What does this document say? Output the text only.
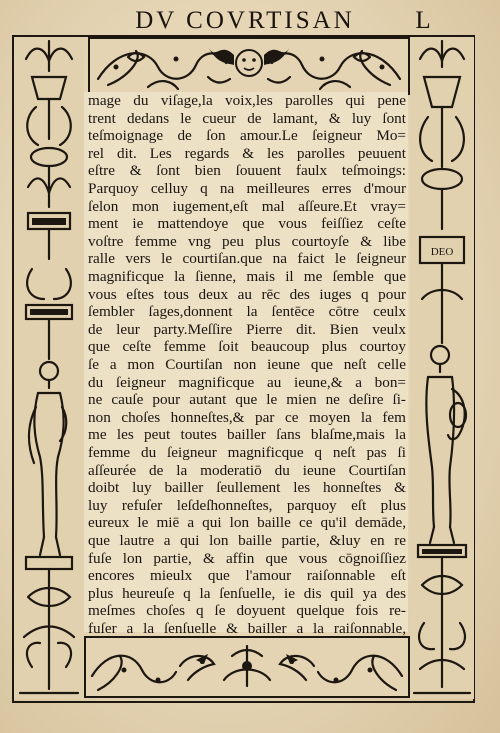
DV COVRTISAN	L
DEO
mage du viſage,la voix,les parolles qui pene
trent dedans le cueur de lamant, & luy ſont
teſmoignage de ſon amour.Le ſeigneur Mo=
rel dit. Les regards & les parolles peuuent
eſtre & ſont bien ſouuent faulx teſmoings:
Parquoy celluy q na meilleures erres d'mour
ſelon mon iugement,eſt mal aſſeure.Et vray=
ment ie mattendoye que vous feiſſiez ceſte
voſtre femme vng peu plus courtoyſe & libe
ralle vers le courtiſan.que na faict le ſeigneur
magnificque la ſienne, mais il me ſemble que
vous eſtes tous deux au rēc des iuges q pour
ſembler ſages,donnent la ſentēce cōtre ceulx
de leur party.Meſſire Pierre dit. Bien veulx
que ceſte femme ſoit beaucoup plus courtoy
ſe a mon Courtiſan non ieune que neſt celle
du ſeigneur magnificque au ieune,& a bon=
ne cauſe pour autant que le mien ne deſire ſi-
non choſes honneſtes,& par ce moyen la fem
me les peut toutes bailler ſans blaſme,mais la
femme du ſeigneur magnificque q neſt pas ſi
aſſeurée de la moderatiō du ieune Courtiſan
doibt luy bailler ſeullement les honneſtes &
luy refuſer leſdeſhonneſtes, parquoy eſt plus
eureux le miē a qui lon baille ce qu'il demāde,
que lautre a qui lon baille partie, &luy en re
fuſe lon partie, & affin que vous cōgnoiſſiez
encores mieulx que l'amour raiſonnable eſt
plus heureuſe q la ſenſuelle, ie dis quil ya des
meſmes choſes q ſe doyuent quelque fois re-
fuſer a la ſenſuelle & bailler a la raiſonnable,
